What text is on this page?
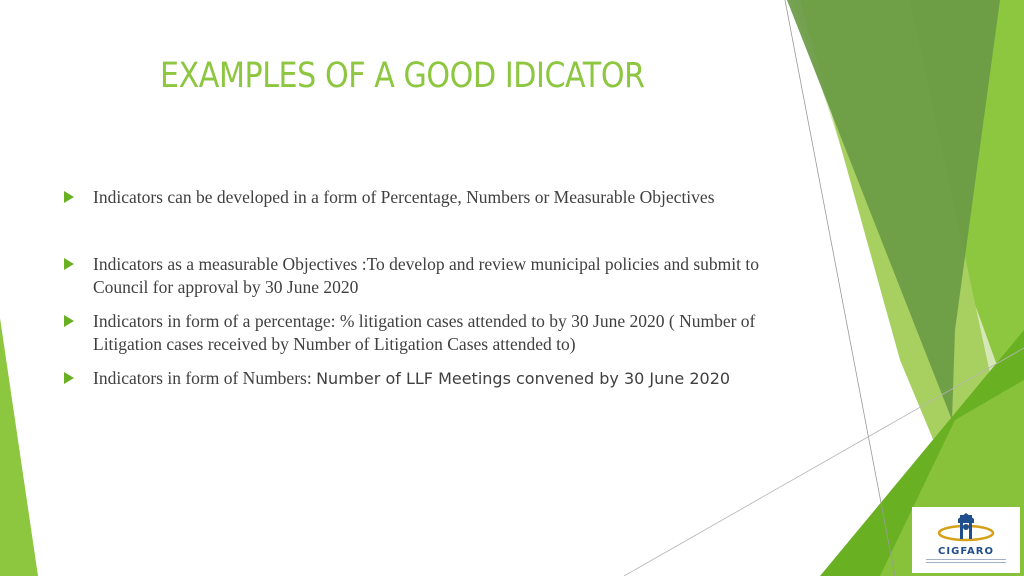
EXAMPLES OF A GOOD IDICATOR
Indicators can be developed in a form of Percentage, Numbers or Measurable Objectives
Indicators as a measurable Objectives :To develop and review municipal policies and submit to Council for approval by 30 June 2020
Indicators in form of a percentage: % litigation cases attended to by 30 June 2020 ( Number of Litigation cases received by Number of Litigation Cases attended to)
Indicators in form of Numbers: Number of LLF Meetings convened by 30 June 2020
CIGFARO
